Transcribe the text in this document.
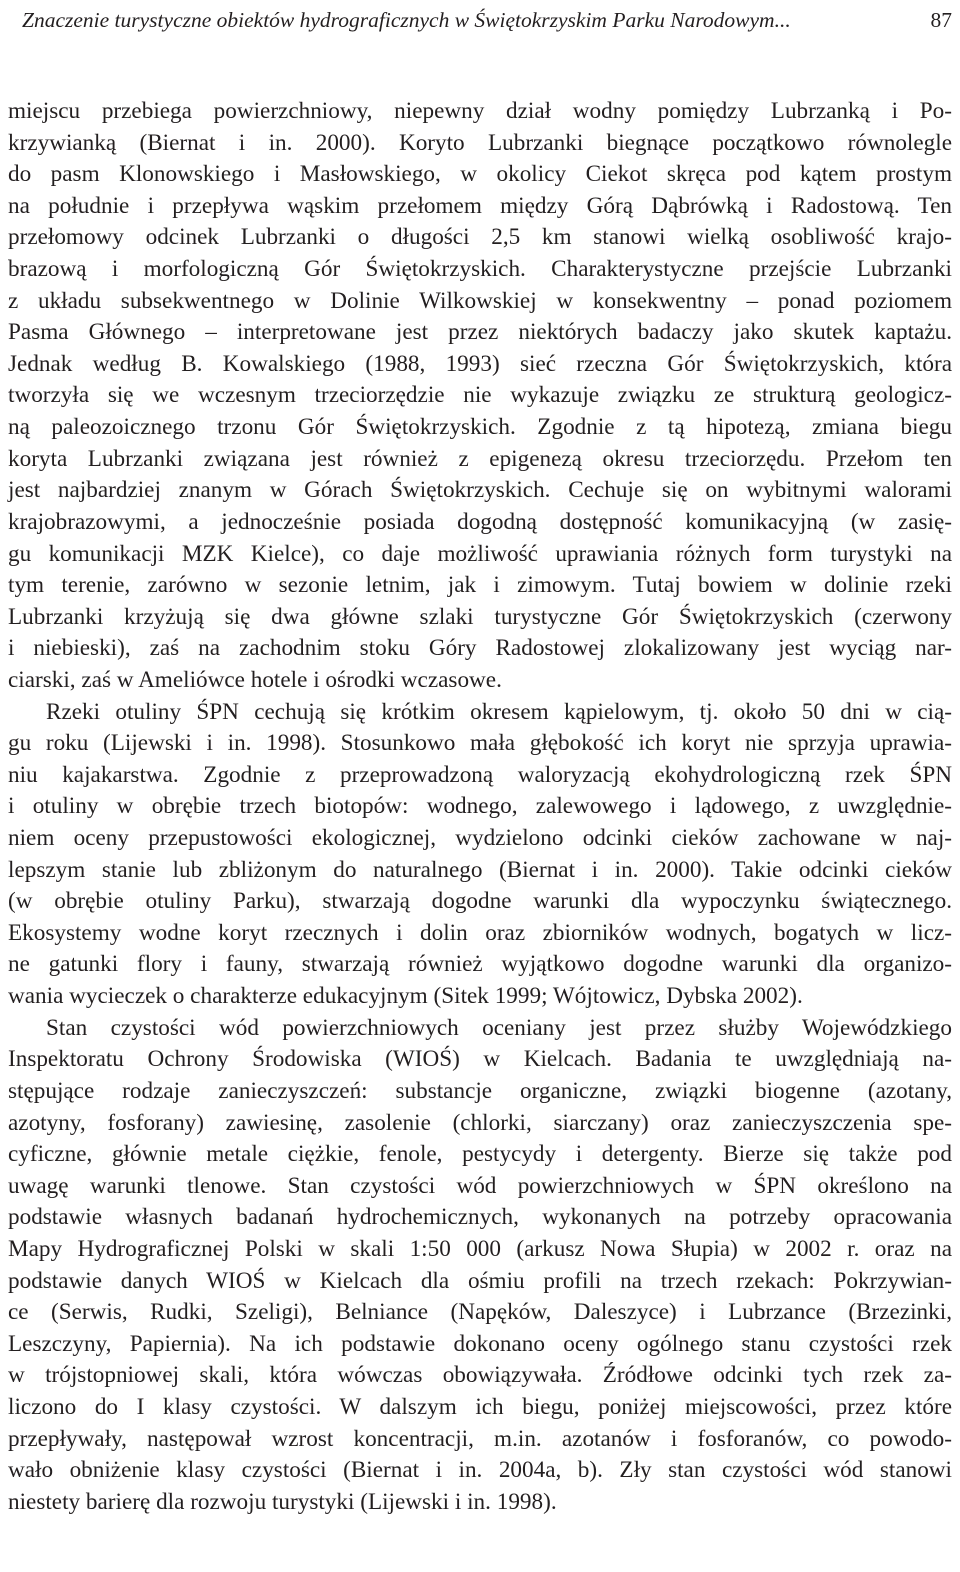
Znaczenie turystyczne obiektów hydrograficznych w Świętokrzyskim Parku Narodowym...	87
miejscu przebiega powierzchniowy, niepewny dział wodny pomiędzy Lubrzanką i Po-
krzywianką (Biernat i in. 2000). Koryto Lubrzanki biegnące początkowo równolegle
do pasm Klonowskiego i Masłowskiego, w okolicy Ciekot skręca pod kątem prostym
na południe i przepływa wąskim przełomem między Górą Dąbrówką i Radostową. Ten
przełomowy odcinek Lubrzanki o długości 2,5 km stanowi wielką osobliwość krajo-
brazową i morfologiczną Gór Świętokrzyskich. Charakterystyczne przejście Lubrzanki
z układu subsekwentnego w Dolinie Wilkowskiej w konsekwentny – ponad poziomem
Pasma Głównego – interpretowane jest przez niektórych badaczy jako skutek kaptażu.
Jednak według B. Kowalskiego (1988, 1993) sieć rzeczna Gór Świętokrzyskich, która
tworzyła się we wczesnym trzeciorzędzie nie wykazuje związku ze strukturą geologicz-
ną paleozoicznego trzonu Gór Świętokrzyskich. Zgodnie z tą hipotezą, zmiana biegu
koryta Lubrzanki związana jest również z epigenezą okresu trzeciorzędu. Przełom ten
jest najbardziej znanym w Górach Świętokrzyskich. Cechuje się on wybitnymi walorami
krajobrazowymi, a jednocześnie posiada dogodną dostępność komunikacyjną (w zasię-
gu komunikacji MZK Kielce), co daje możliwość uprawiania różnych form turystyki na
tym terenie, zarówno w sezonie letnim, jak i zimowym. Tutaj bowiem w dolinie rzeki
Lubrzanki krzyżują się dwa główne szlaki turystyczne Gór Świętokrzyskich (czerwony
i niebieski), zaś na zachodnim stoku Góry Radostowej zlokalizowany jest wyciąg nar-
ciarski, zaś w Ameliówce hotele i ośrodki wczasowe.
Rzeki otuliny ŚPN cechują się krótkim okresem kąpielowym, tj. około 50 dni w cią-
gu roku (Lijewski i in. 1998). Stosunkowo mała głębokość ich koryt nie sprzyja uprawia-
niu kajakarstwa. Zgodnie z przeprowadzoną waloryzacją ekohydrologiczną rzek ŚPN
i otuliny w obrębie trzech biotopów: wodnego, zalewowego i lądowego, z uwzględnie-
niem oceny przepustowości ekologicznej, wydzielono odcinki cieków zachowane w naj-
lepszym stanie lub zbliżonym do naturalnego (Biernat i in. 2000). Takie odcinki cieków
(w obrębie otuliny Parku), stwarzają dogodne warunki dla wypoczynku świątecznego.
Ekosystemy wodne koryt rzecznych i dolin oraz zbiorników wodnych, bogatych w licz-
ne gatunki flory i fauny, stwarzają również wyjątkowo dogodne warunki dla organizo-
wania wycieczek o charakterze edukacyjnym (Sitek 1999; Wójtowicz, Dybska 2002).
Stan czystości wód powierzchniowych oceniany jest przez służby Wojewódzkiego
Inspektoratu Ochrony Środowiska (WIOŚ) w Kielcach. Badania te uwzględniają na-
stępujące rodzaje zanieczyszczeń: substancje organiczne, związki biogenne (azotany,
azotyny, fosforany) zawiesinę, zasolenie (chlorki, siarczany) oraz zanieczyszczenia spe-
cyficzne, głównie metale ciężkie, fenole, pestycydy i detergenty. Bierze się także pod
uwagę warunki tlenowe. Stan czystości wód powierzchniowych w ŚPN określono na
podstawie własnych badanań hydrochemicznych, wykonanych na potrzeby opracowania
Mapy Hydrograficznej Polski w skali 1:50 000 (arkusz Nowa Słupia) w 2002 r. oraz na
podstawie danych WIOŚ w Kielcach dla ośmiu profili na trzech rzekach: Pokrzywian-
ce (Serwis, Rudki, Szeligi), Belniance (Napęków, Daleszyce) i Lubrzance (Brzezinki,
Leszczyny, Papiernia). Na ich podstawie dokonano oceny ogólnego stanu czystości rzek
w trójstopniowej skali, która wówczas obowiązywała. Źródłowe odcinki tych rzek za-
liczono do I klasy czystości. W dalszym ich biegu, poniżej miejscowości, przez które
przepływały, następował wzrost koncentracji, m.in. azotanów i fosforanów, co powodo-
wało obniżenie klasy czystości (Biernat i in. 2004a, b). Zły stan czystości wód stanowi
niestety barierę dla rozwoju turystyki (Lijewski i in. 1998).
